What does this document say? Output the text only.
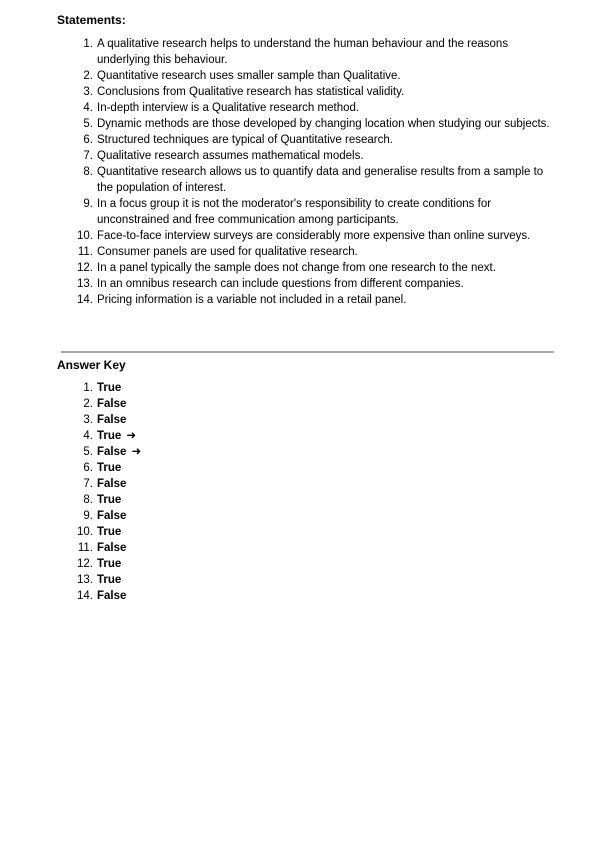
Statements:
1. A qualitative research helps to understand the human behaviour and the reasons underlying this behaviour.
2. Quantitative research uses smaller sample than Qualitative.
3. Conclusions from Qualitative research has statistical validity.
4. In-depth interview is a Qualitative research method.
5. Dynamic methods are those developed by changing location when studying our subjects.
6. Structured techniques are typical of Quantitative research.
7. Qualitative research assumes mathematical models.
8. Quantitative research allows us to quantify data and generalise results from a sample to the population of interest.
9. In a focus group it is not the moderator's responsibility to create conditions for unconstrained and free communication among participants.
10. Face-to-face interview surveys are considerably more expensive than online surveys.
11. Consumer panels are used for qualitative research.
12. In a panel typically the sample does not change from one research to the next.
13. In an omnibus research can include questions from different companies.
14. Pricing information is a variable not included in a retail panel.
Answer Key
1. True
2. False
3. False
4. True ➜
5. False ➜
6. True
7. False
8. True
9. False
10. True
11. False
12. True
13. True
14. False
